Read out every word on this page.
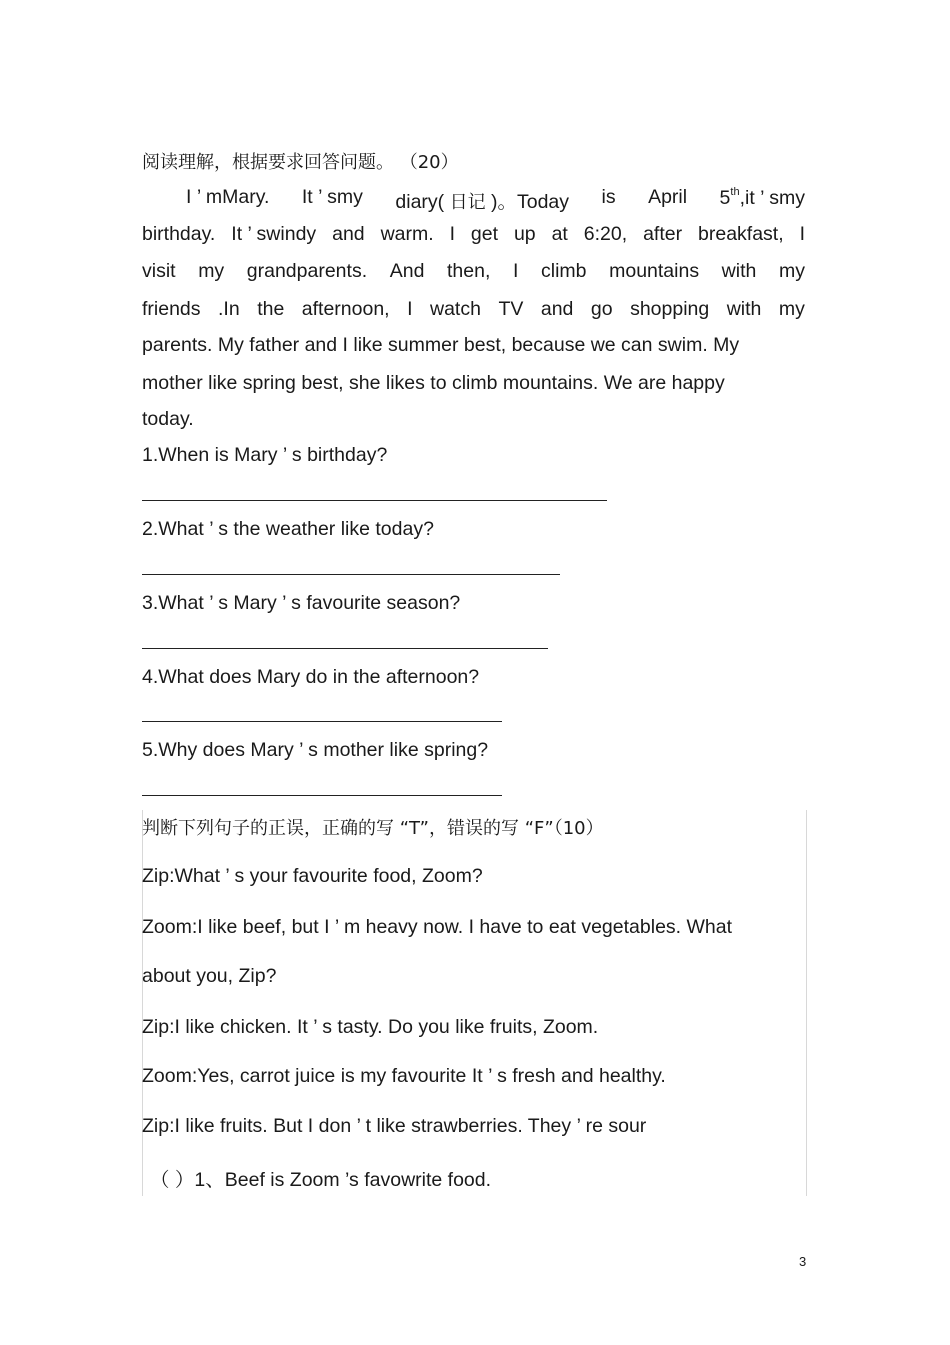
阅读理解，根据要求回答问题。 （20）
I ’ mMary. It ’ smy diary( 日记 )。Today is April 5th,it ’ smy
birthday. It ’ swindy and warm. I get up at 6:20, after breakfast, I
visit my grandparents. And then, I climb mountains with my
friends .In the afternoon, I watch TV and go shopping with my
parents. My father and I like summer best, because we can swim. My
mother like spring best, she likes to climb mountains. We are happy
today.
1.When is Mary ’ s birthday?
2.What ’ s the weather like today?
3.What ’ s Mary ’ s favourite season?
4.What does Mary do in the afternoon?
5.Why does Mary ’ s mother like spring?
判断下列句子的正误，正确的写 “T”，错误的写 “F”（10）
Zip:What ’ s your favourite food, Zoom?
Zoom:I like beef, but I ’ m heavy now. I have to eat vegetables. What
about you, Zip?
Zip:I like chicken. It ’ s tasty. Do you like fruits, Zoom.
Zoom:Yes, carrot juice is my favourite It ’ s fresh and healthy.
Zip:I like fruits. But I don ’ t like strawberries. They ’ re sour
（ ）1、Beef is Zoom ’s favowrite food.
3
